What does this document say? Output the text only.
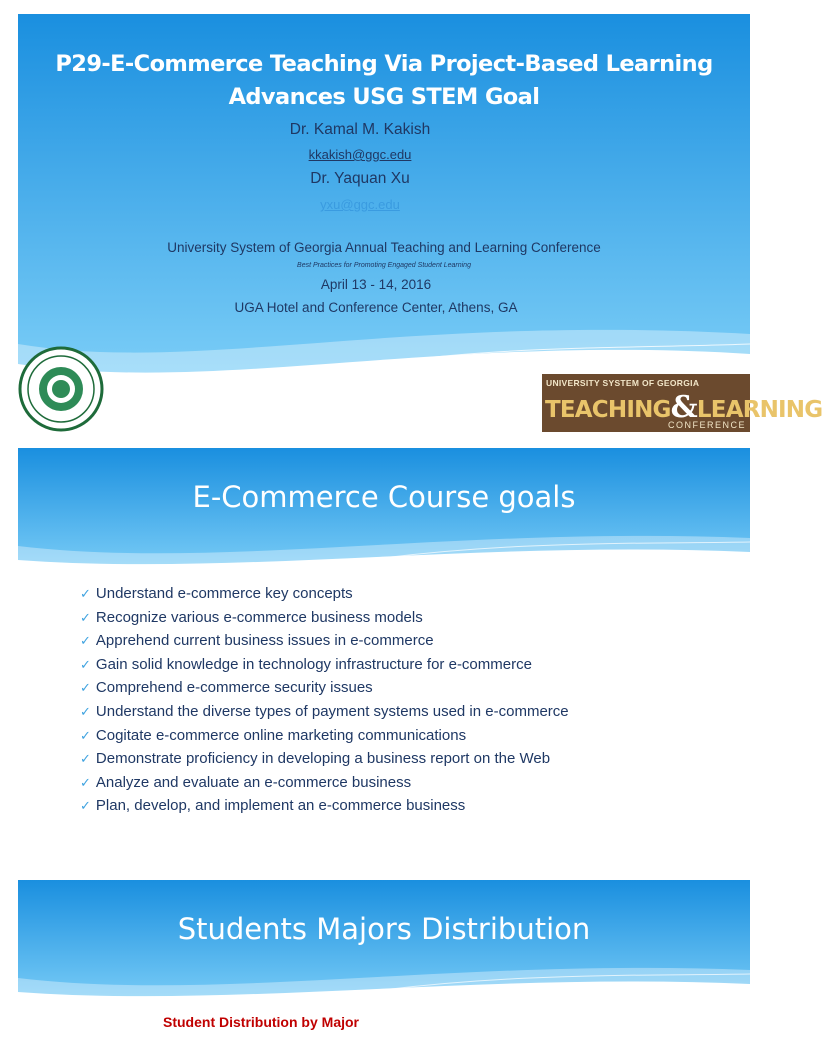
P29-E-Commerce Teaching Via Project-Based Learning
Advances USG STEM Goal
Dr. Kamal M. Kakish
kkakish@ggc.edu
Dr. Yaquan Xu
yxu@ggc.edu
University System of Georgia Annual Teaching and Learning Conference
Best Practices for Promoting Engaged Student Learning
April 13 - 14, 2016
UGA Hotel and Conference Center, Athens, GA
UNIVERSITY SYSTEM OF GEORGIA
TEACHING&LEARNING
CONFERENCE
E-Commerce Course goals
✓ Understand e-commerce key concepts
✓ Recognize various e-commerce business models
✓ Apprehend current business issues in e-commerce
✓ Gain solid knowledge in technology infrastructure for e-commerce
✓ Comprehend e-commerce security issues
✓ Understand the diverse types of payment systems used in e-commerce
✓ Cogitate e-commerce online marketing communications
✓ Demonstrate proficiency in developing a business report on the Web
✓ Analyze and evaluate an e-commerce business
✓ Plan, develop, and implement an e-commerce business
Students Majors Distribution
Student Distribution by Major
